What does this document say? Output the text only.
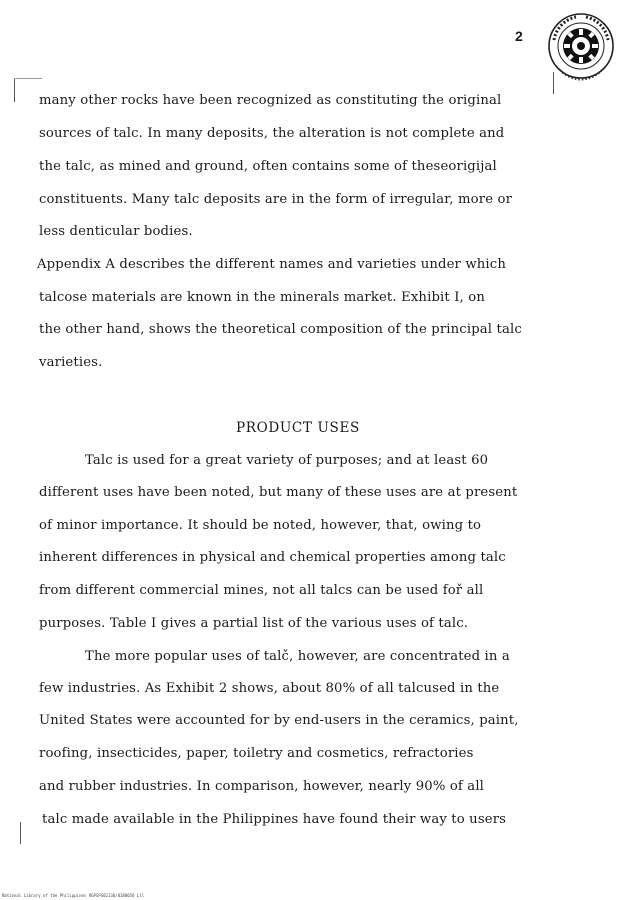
2
many other rocks have been recognized as constituting the original
sources of talc. In many deposits, the alteration is not complete and
the talc, as mined and ground, often contains some of theseorigijal
constituents. Many talc deposits are in the form of irregular, more or
less denticular bodies.
Appendix A describes the different names and varieties under which
talcose materials are known in the minerals market. Exhibit I, on
the other hand, shows the theoretical composition of the principal talc
varieties.
PRODUCT USES
Talc is used for a great variety of purposes; and at least 60
different uses have been noted, but many of these uses are at present
of minor importance. It should be noted, however, that, owing to
inherent differences in physical and chemical properties among talc
from different commercial mines, not all talcs can be used foř all
purposes. Table I gives a partial list of the various uses of talc.
The more popular uses of talč, however, are concentrated in a
few industries. As Exhibit 2 shows, about 80% of all talcused in the
United States were accounted for by end-users in the ceramics, paint,
roofing, insecticides, paper, toiletry and cosmetics, refractories
and rubber industries. In comparison, however, nearly 90% of all
talc made available in the Philippines have found their way to users
National Library of the Philippines RGPSPS02130/0188056 Lll
